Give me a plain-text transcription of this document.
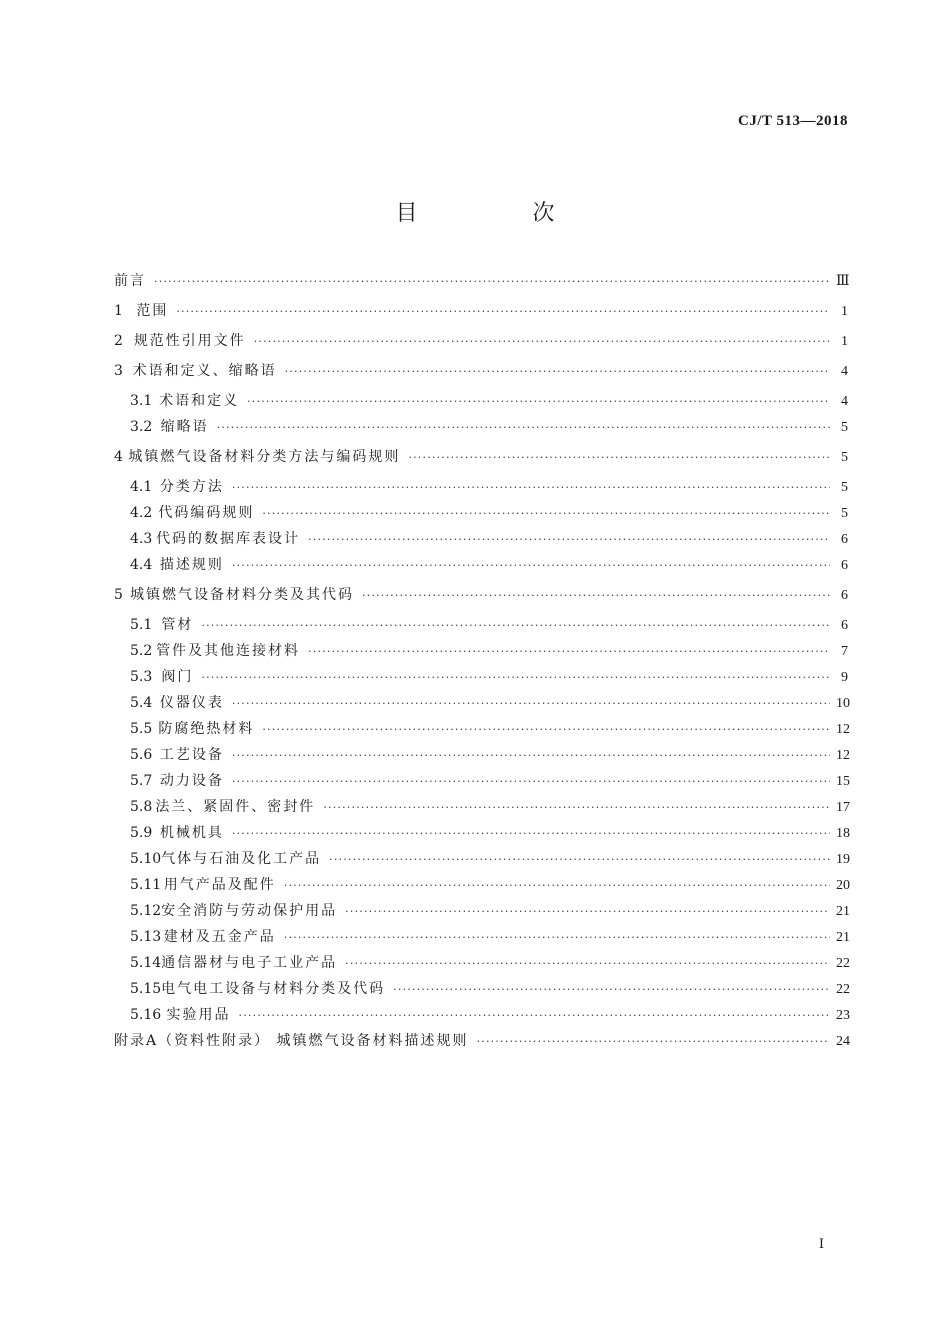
CJ/T 513—2018
目 次
前言 ·····	Ⅲ
1 范围 ·····	1
2 规范性引用文件 ·····	1
3 术语和定义、缩略语 ·····	4
3.1 术语和定义 ·····	4
3.2 缩略语 ·····	5
4 城镇燃气设备材料分类方法与编码规则 ·····	5
4.1 分类方法 ·····	5
4.2 代码编码规则 ·····	5
4.3 代码的数据库表设计 ·····	6
4.4 描述规则 ·····	6
5 城镇燃气设备材料分类及其代码 ·····	6
5.1 管材 ·····	6
5.2 管件及其他连接材料 ·····	7
5.3 阀门 ·····	9
5.4 仪器仪表 ·····	10
5.5 防腐绝热材料 ·····	12
5.6 工艺设备 ·····	12
5.7 动力设备 ·····	15
5.8 法兰、紧固件、密封件 ·····	17
5.9 机械机具 ·····	18
5.10 气体与石油及化工产品 ·····	19
5.11 用气产品及配件 ·····	20
5.12 安全消防与劳动保护用品 ·····	21
5.13 建材及五金产品 ·····	21
5.14 通信器材与电子工业产品 ·····	22
5.15 电气电工设备与材料分类及代码 ·····	22
5.16 实验用品 ·····	23
附录A（资料性附录） 城镇燃气设备材料描述规则 ·····	24
Ⅰ
